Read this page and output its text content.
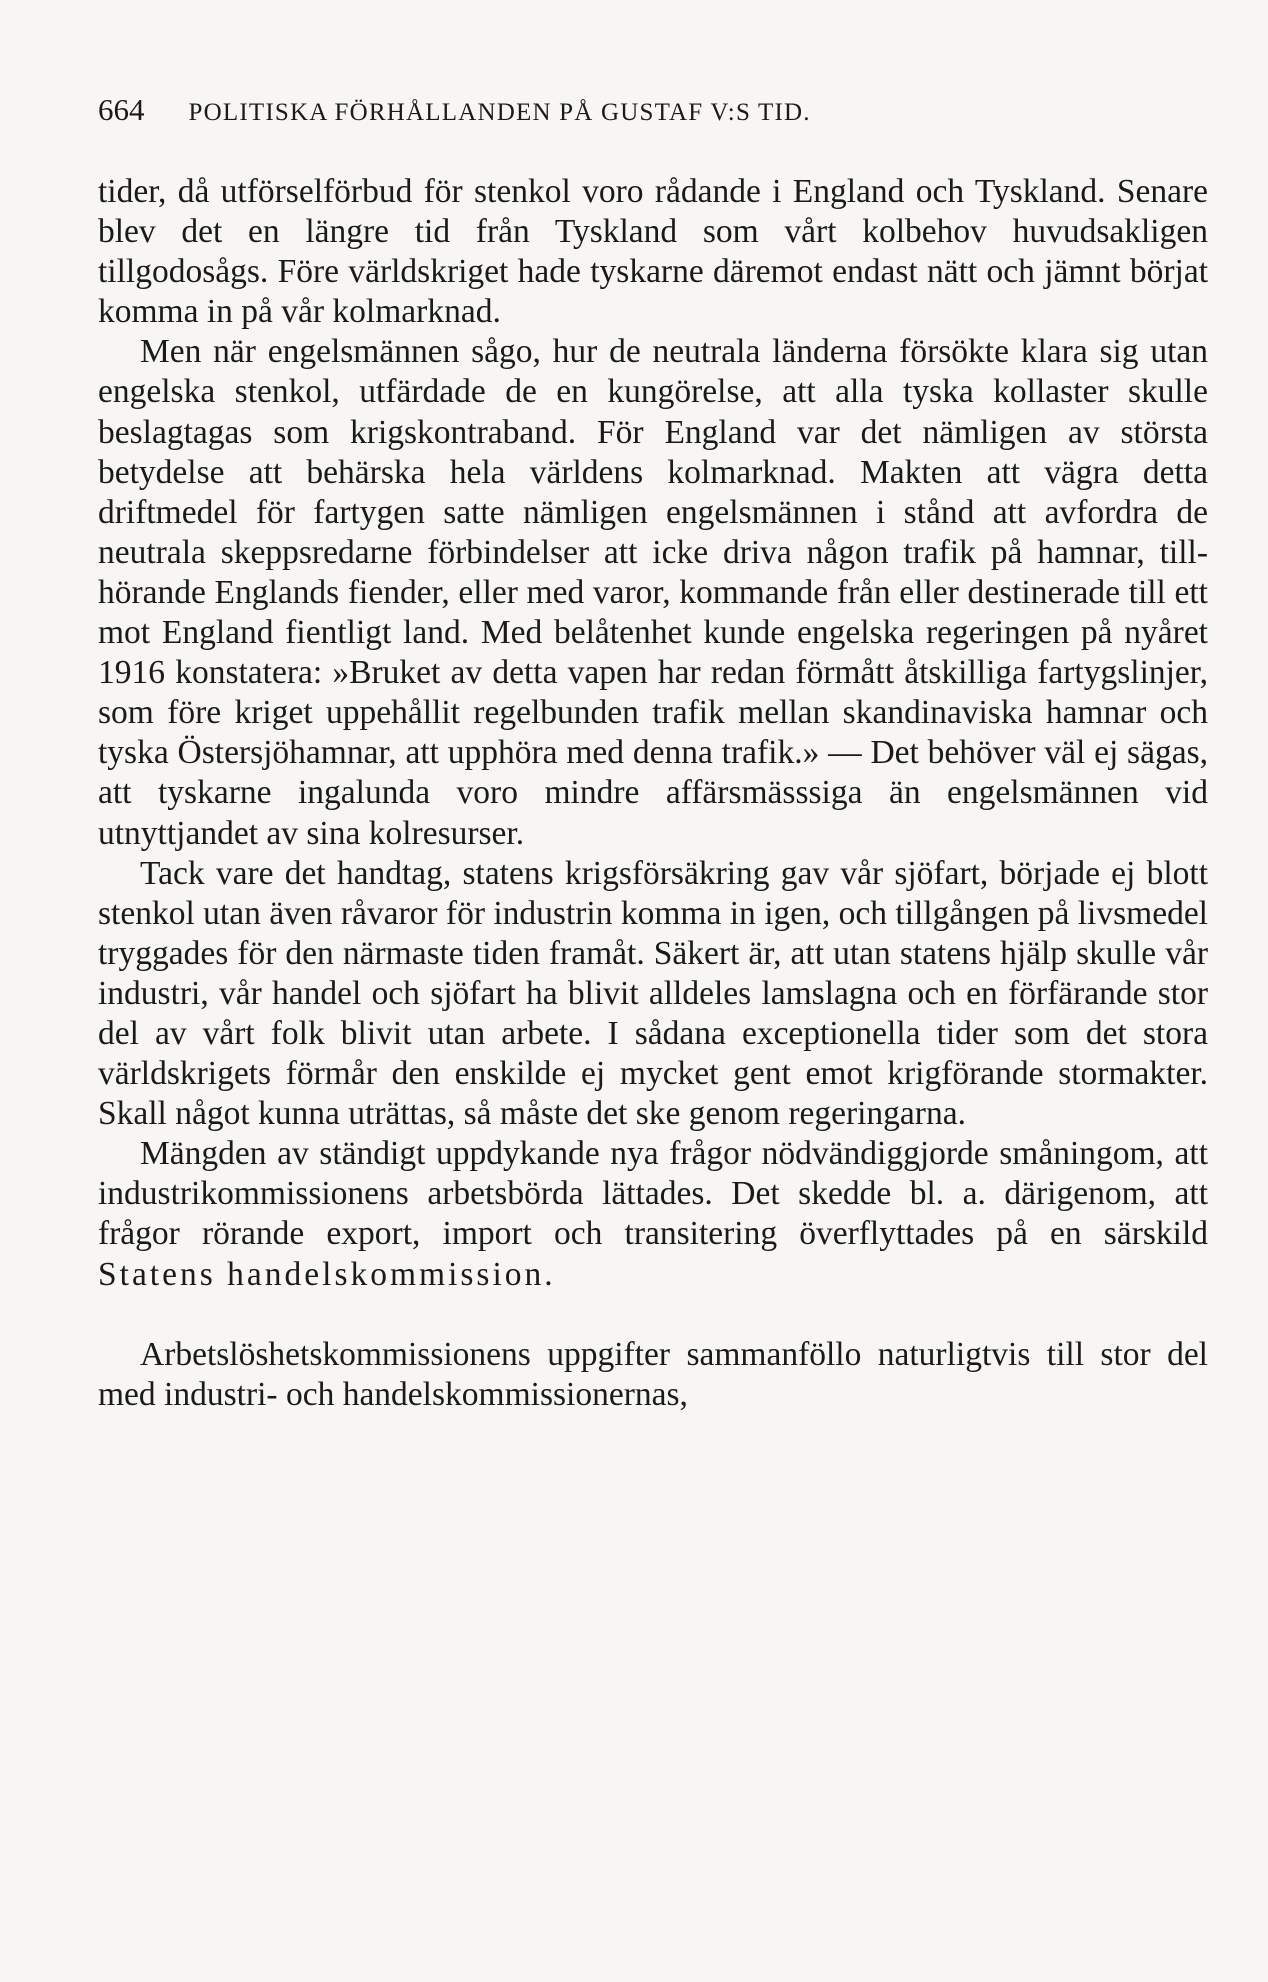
664 POLITISKA FÖRHÅLLANDEN PÅ GUSTAF V:S TID.

tider, då utförselförbud för stenkol voro rådande i England och Tyskland. Senare blev det en längre tid från Tyskland som vårt kolbehov huvudsakligen tillgodosågs. Före världskriget hade tyskarne däremot endast nätt och jämnt börjat komma in på vår kolmarknad.

Men när engelsmännen sågo, hur de neutrala länderna försökte klara sig utan engelska stenkol, utfärdade de en kungörelse, att alla tyska kollaster skulle beslagtagas som krigskontraband. För England var det nämligen av största betydelse att behärska hela världens kolmarknad. Makten att vägra detta driftmedel för fartygen satte nämligen engelsmännen i stånd att avfordra de neutrala skeppsredarne förbindelser att icke driva någon trafik på hamnar, tillhörande Englands fiender, eller med varor, kommande från eller destinerade till ett mot England fientligt land. Med belåtenhet kunde engelska regeringen på nyåret 1916 konstatera: »Bruket av detta vapen har redan förmått åtskilliga fartygslinjer, som före kriget uppehållit regelbunden trafik mellan skandinaviska hamnar och tyska Östersjöhamnar, att upphöra med denna trafik.» — Det behöver väl ej sägas, att tyskarne ingalunda voro mindre affärsmässsiga än engelsmännen vid utnyttjandet av sina kolresurser.

Tack vare det handtag, statens krigsförsäkring gav vår sjöfart, började ej blott stenkol utan även råvaror för industrin komma in igen, och tillgången på livsmedel tryggades för den närmaste tiden framåt. Säkert är, att utan statens hjälp skulle vår industri, vår handel och sjöfart ha blivit alldeles lamslagna och en förfärande stor del av vårt folk blivit utan arbete. I sådana exceptionella tider som det stora världskrigets förmår den enskilde ej mycket gent emot krigförande stormakter. Skall något kunna uträttas, så måste det ske genom regeringarna.

Mängden av ständigt uppdykande nya frågor nödvändiggjorde småningom, att industrikommissionens arbetsbörda lättades. Det skedde bl. a. därigenom, att frågor rörande export, import och transitering överflyttades på en särskild Statens handelskommission.

Arbetslöshetskommissionens uppgifter sammanföllo naturligtvis till stor del med industri- och handelskommissionernas,
